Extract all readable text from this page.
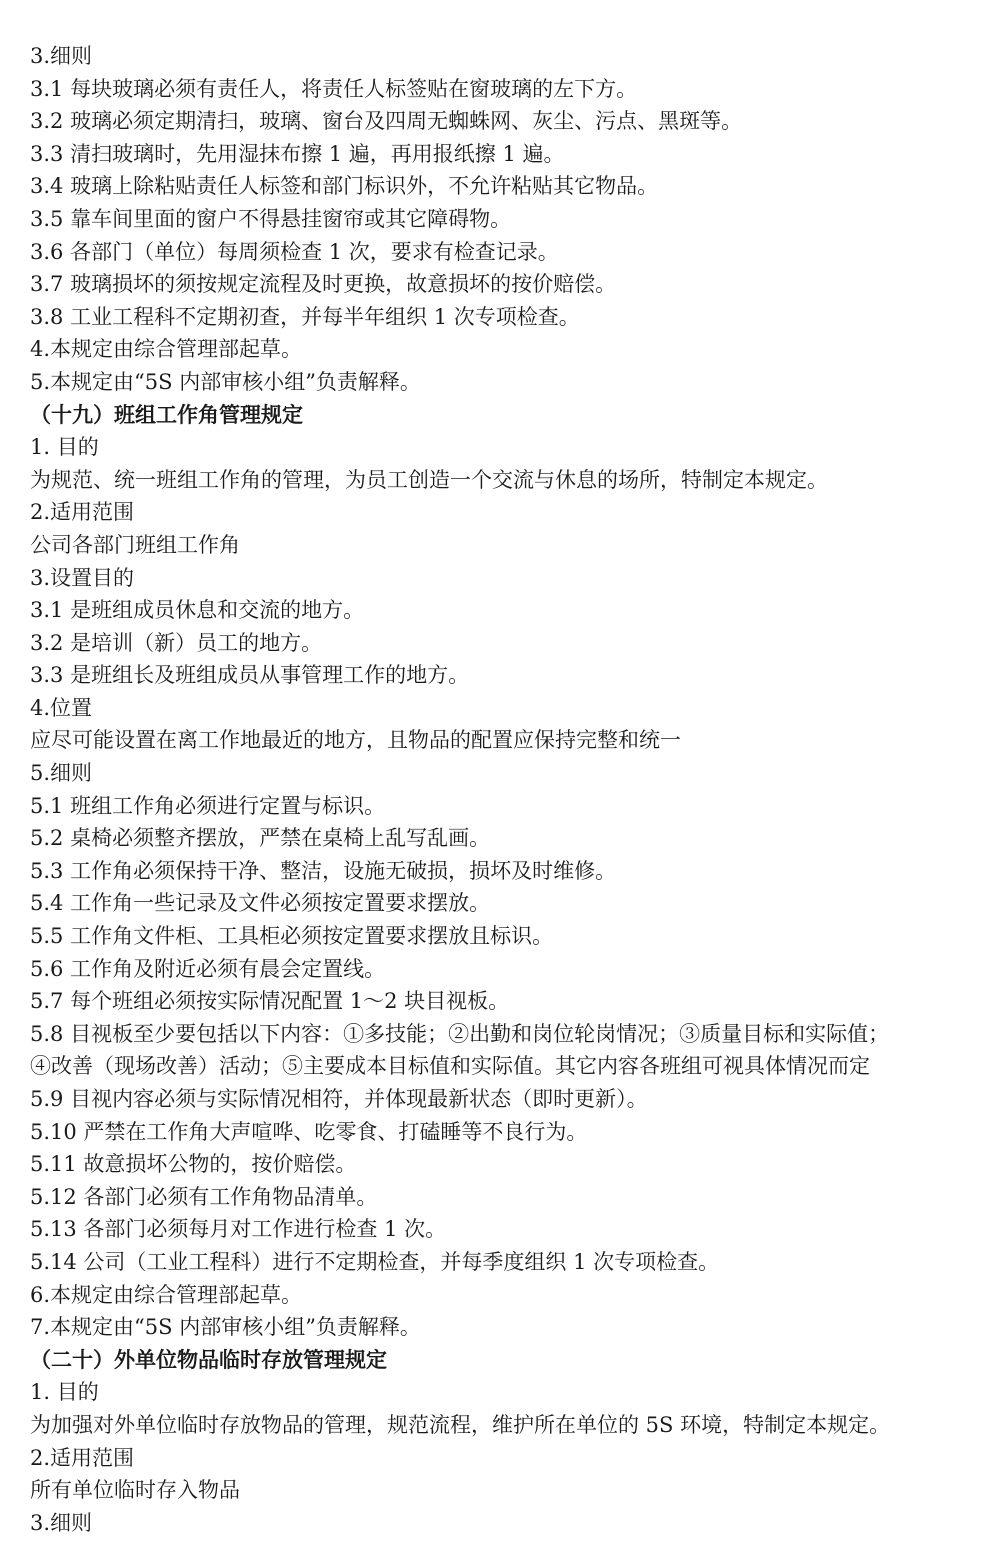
3.细则
3.1 每块玻璃必须有责任人，将责任人标签贴在窗玻璃的左下方。
3.2 玻璃必须定期清扫，玻璃、窗台及四周无蜘蛛网、灰尘、污点、黑斑等。
3.3 清扫玻璃时，先用湿抹布擦 1 遍，再用报纸擦 1 遍。
3.4 玻璃上除粘贴责任人标签和部门标识外，不允许粘贴其它物品。
3.5 靠车间里面的窗户不得悬挂窗帘或其它障碍物。
3.6 各部门（单位）每周须检查 1 次，要求有检查记录。
3.7 玻璃损坏的须按规定流程及时更换，故意损坏的按价赔偿。
3.8 工业工程科不定期初查，并每半年组织 1 次专项检查。
4.本规定由综合管理部起草。
5.本规定由“5S 内部审核小组”负责解释。
（十九）班组工作角管理规定
1. 目的
为规范、统一班组工作角的管理，为员工创造一个交流与休息的场所，特制定本规定。
2.适用范围
公司各部门班组工作角
3.设置目的
3.1 是班组成员休息和交流的地方。
3.2 是培训（新）员工的地方。
3.3 是班组长及班组成员从事管理工作的地方。
4.位置
应尽可能设置在离工作地最近的地方，且物品的配置应保持完整和统一
5.细则
5.1 班组工作角必须进行定置与标识。
5.2 桌椅必须整齐摆放，严禁在桌椅上乱写乱画。
5.3 工作角必须保持干净、整洁，设施无破损，损坏及时维修。
5.4 工作角一些记录及文件必须按定置要求摆放。
5.5 工作角文件柜、工具柜必须按定置要求摆放且标识。
5.6 工作角及附近必须有晨会定置线。
5.7 每个班组必须按实际情况配置 1～2 块目视板。
5.8 目视板至少要包括以下内容：①多技能；②出勤和岗位轮岗情况；③质量目标和实际值；
④改善（现场改善）活动；⑤主要成本目标值和实际值。其它内容各班组可视具体情况而定
5.9 目视内容必须与实际情况相符，并体现最新状态（即时更新）。
5.10 严禁在工作角大声喧哗、吃零食、打磕睡等不良行为。
5.11 故意损坏公物的，按价赔偿。
5.12 各部门必须有工作角物品清单。
5.13 各部门必须每月对工作进行检查 1 次。
5.14 公司（工业工程科）进行不定期检查，并每季度组织 1 次专项检查。
6.本规定由综合管理部起草。
7.本规定由“5S 内部审核小组”负责解释。
（二十）外单位物品临时存放管理规定
1. 目的
为加强对外单位临时存放物品的管理，规范流程，维护所在单位的 5S 环境，特制定本规定。
2.适用范围
所有单位临时存入物品
3.细则
